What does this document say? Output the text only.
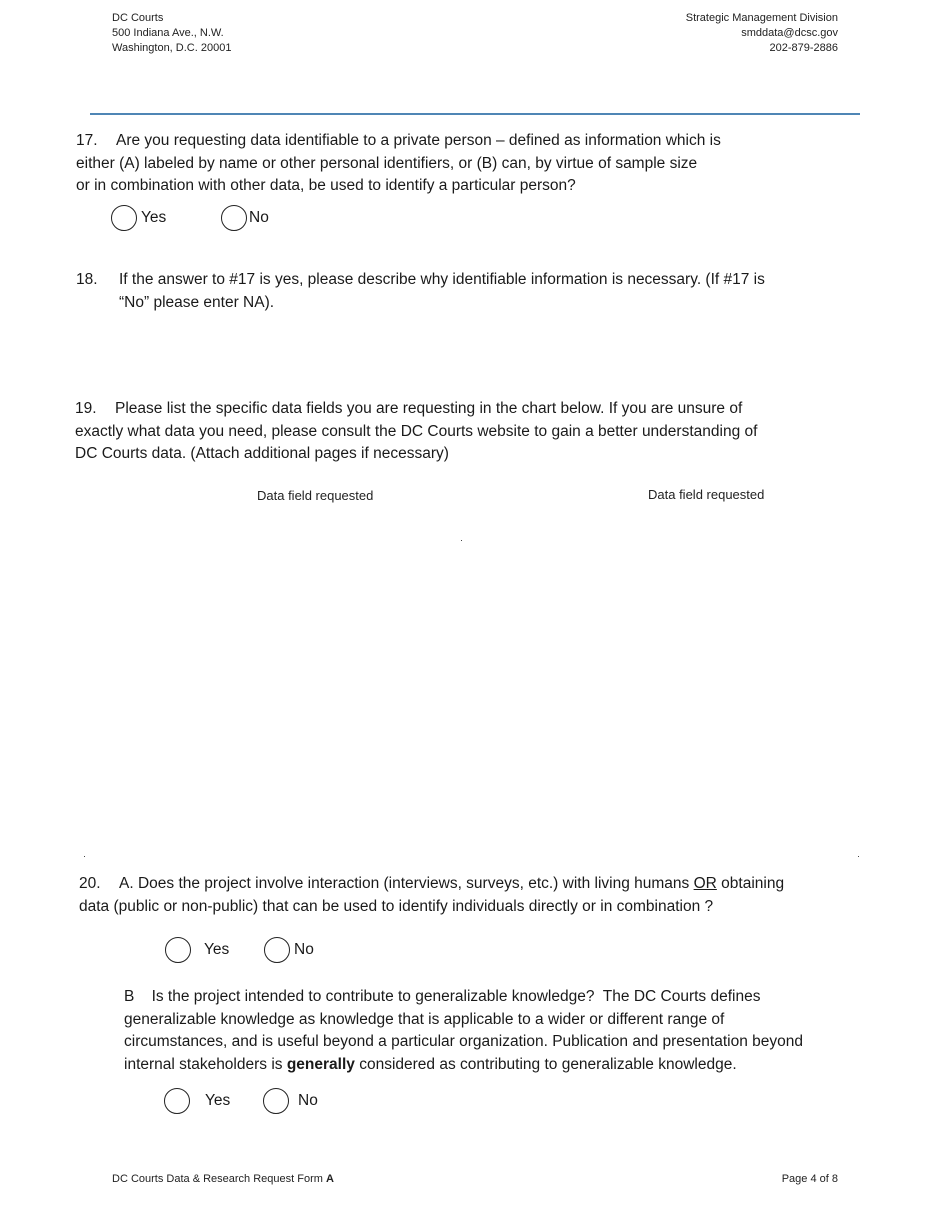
DC Courts
500 Indiana Ave., N.W.
Washington, D.C. 20001
Strategic Management Division
smddata@dcsc.gov
202-879-2886
17. Are you requesting data identifiable to a private person – defined as information which is
either (A) labeled by name or other personal identifiers, or (B) can, by virtue of sample size
or in combination with other data, be used to identify a particular person?
Yes	No
18. If the answer to #17 is yes, please describe why identifiable information is necessary. (If #17 is
“No” please enter NA).
19. Please list the specific data fields you are requesting in the chart below. If you are unsure of
exactly what data you need, please consult the DC Courts website to gain a better understanding of
DC Courts data. (Attach additional pages if necessary)
Data field requested	Data field requested
20. A. Does the project involve interaction (interviews, surveys, etc.) with living humans OR obtaining
data (public or non-public) that can be used to identify individuals directly or in combination ?
Yes	No
B    Is the project intended to contribute to generalizable knowledge?  The DC Courts defines
generalizable knowledge as knowledge that is applicable to a wider or different range of
circumstances, and is useful beyond a particular organization. Publication and presentation beyond
internal stakeholders is generally considered as contributing to generalizable knowledge.
Yes	No
DC Courts Data & Research Request Form A	Page 4 of 8
